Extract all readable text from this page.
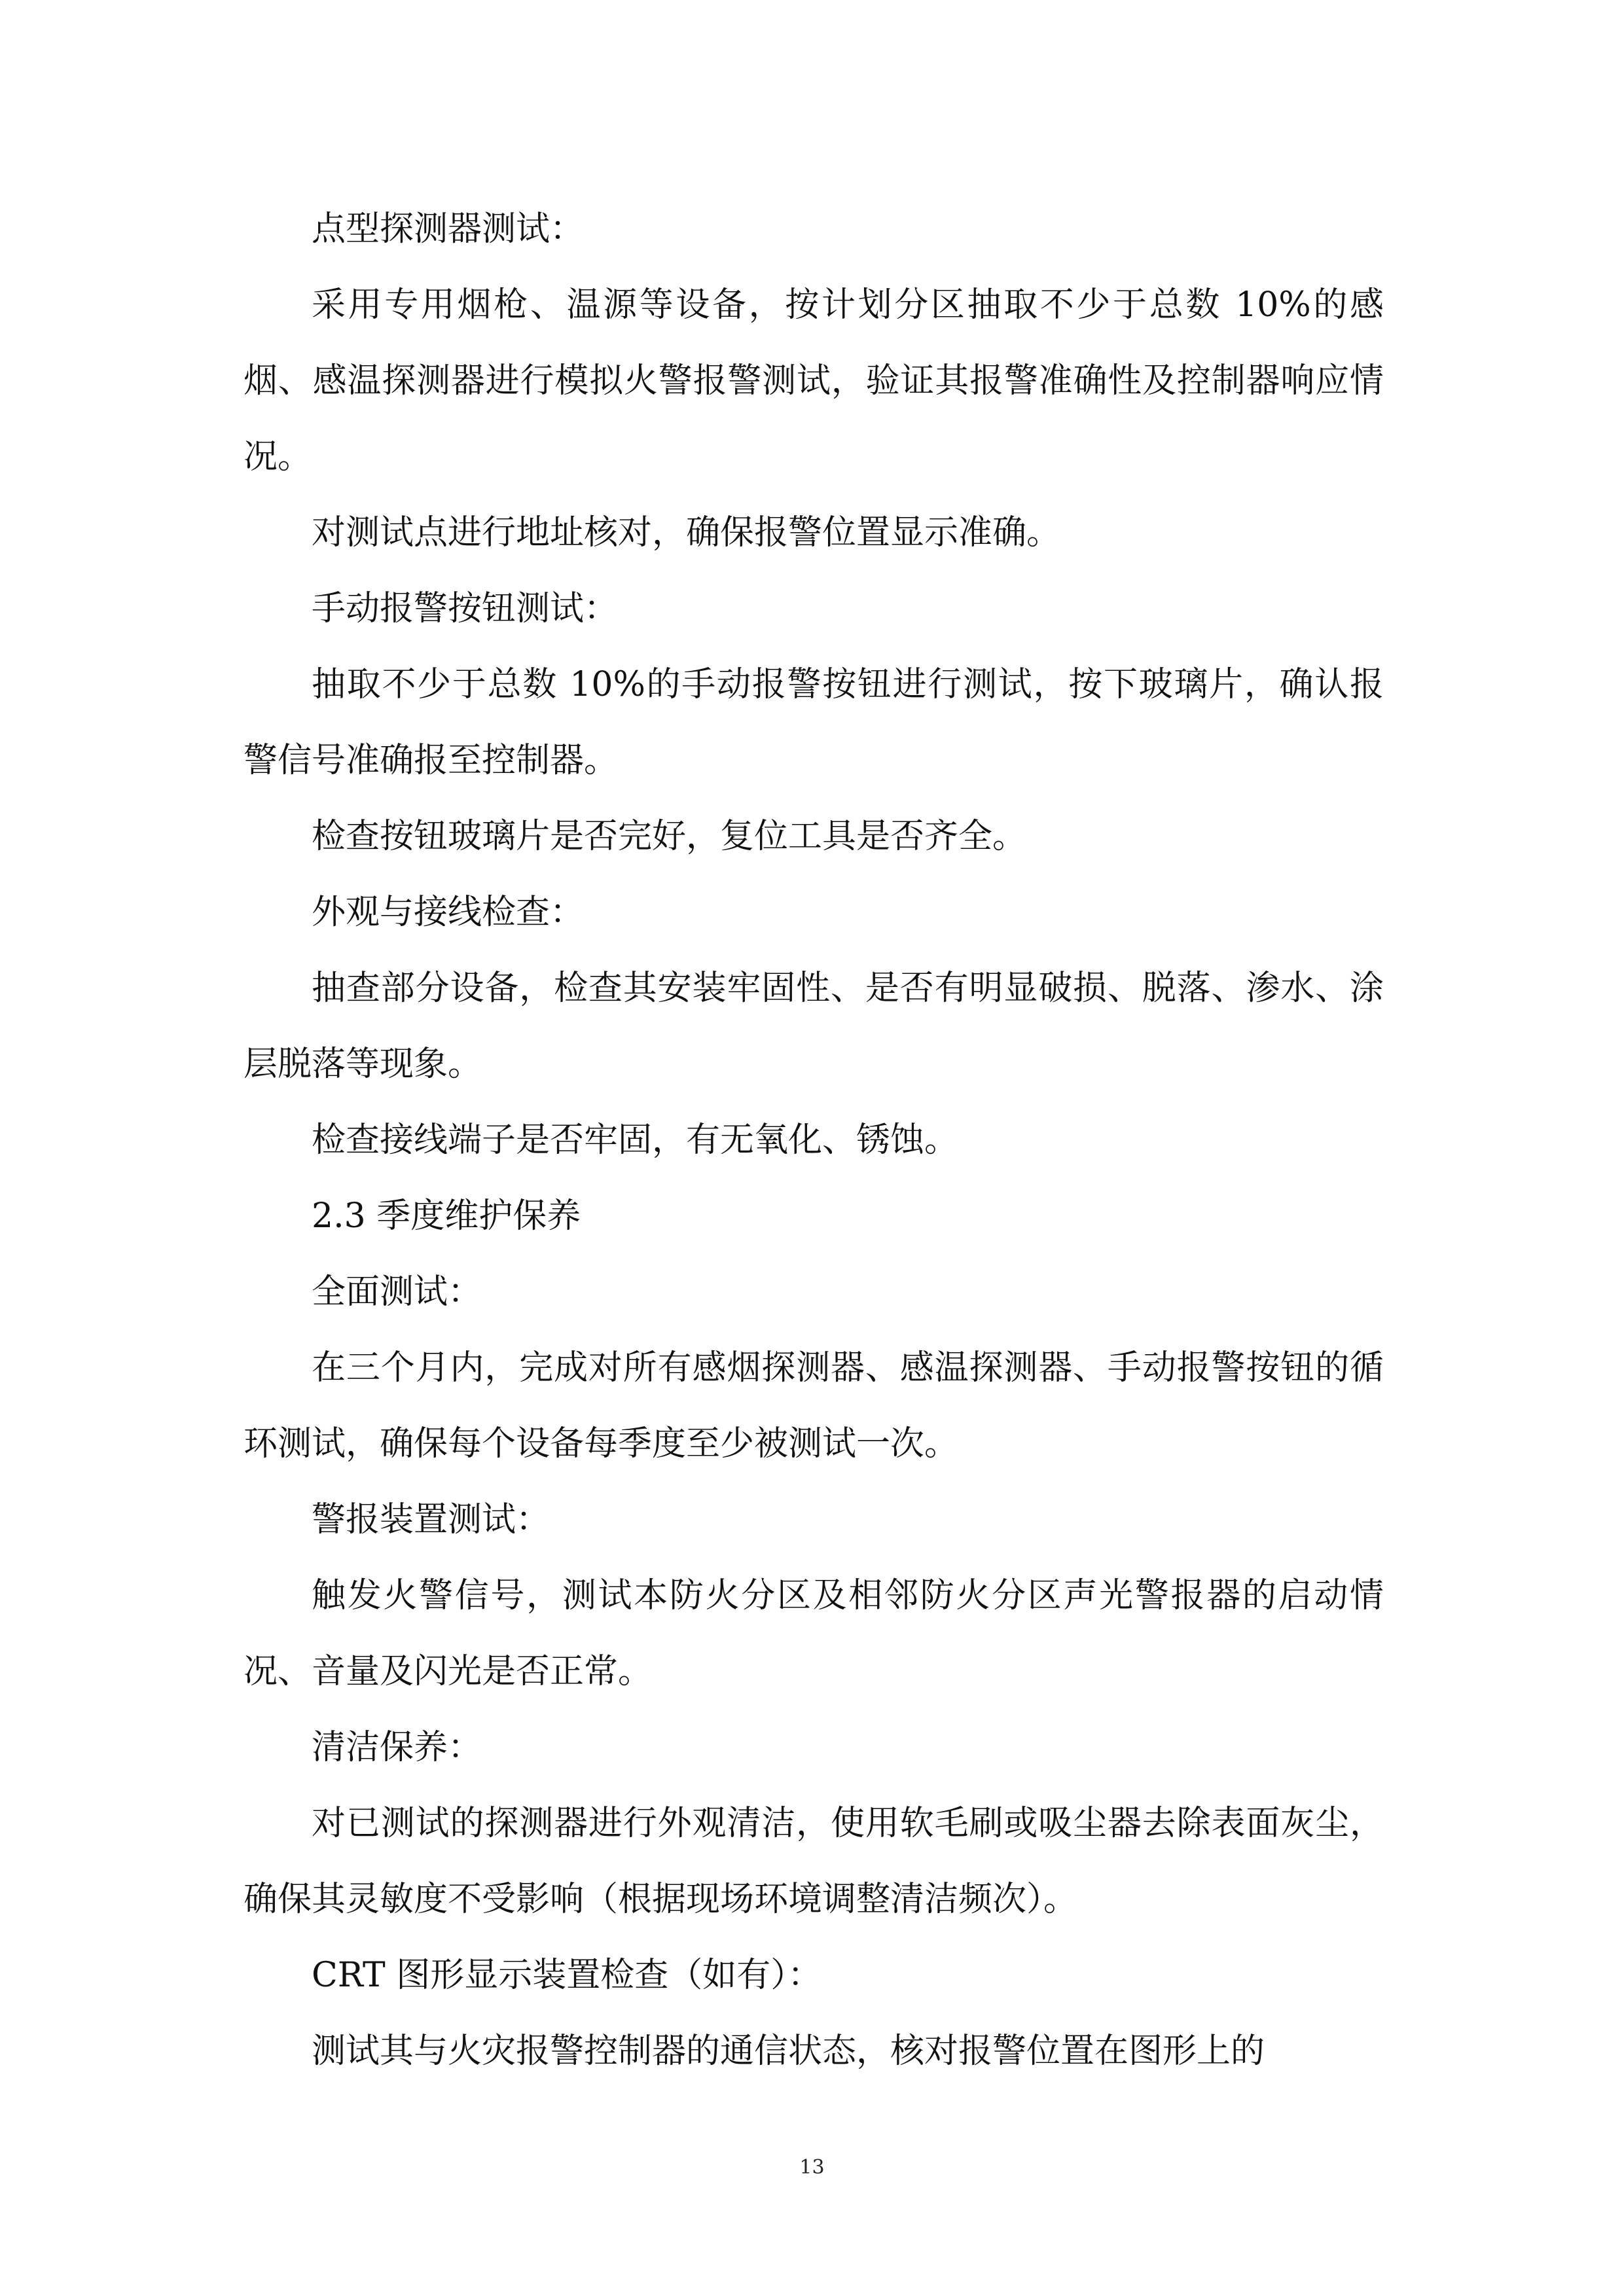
点型探测器测试：

采用专用烟枪、温源等设备，按计划分区抽取不少于总数 10%的感烟、感温探测器进行模拟火警报警测试，验证其报警准确性及控制器响应情况。

对测试点进行地址核对，确保报警位置显示准确。

手动报警按钮测试：

抽取不少于总数 10%的手动报警按钮进行测试，按下玻璃片，确认报警信号准确报至控制器。

检查按钮玻璃片是否完好，复位工具是否齐全。

外观与接线检查：

抽查部分设备，检查其安装牢固性、是否有明显破损、脱落、渗水、涂层脱落等现象。

检查接线端子是否牢固，有无氧化、锈蚀。

2.3 季度维护保养

全面测试：

在三个月内，完成对所有感烟探测器、感温探测器、手动报警按钮的循环测试，确保每个设备每季度至少被测试一次。

警报装置测试：

触发火警信号，测试本防火分区及相邻防火分区声光警报器的启动情况、音量及闪光是否正常。

清洁保养：

对已测试的探测器进行外观清洁，使用软毛刷或吸尘器去除表面灰尘，确保其灵敏度不受影响（根据现场环境调整清洁频次）。

CRT 图形显示装置检查（如有）：

测试其与火灾报警控制器的通信状态，核对报警位置在图形上的

13
